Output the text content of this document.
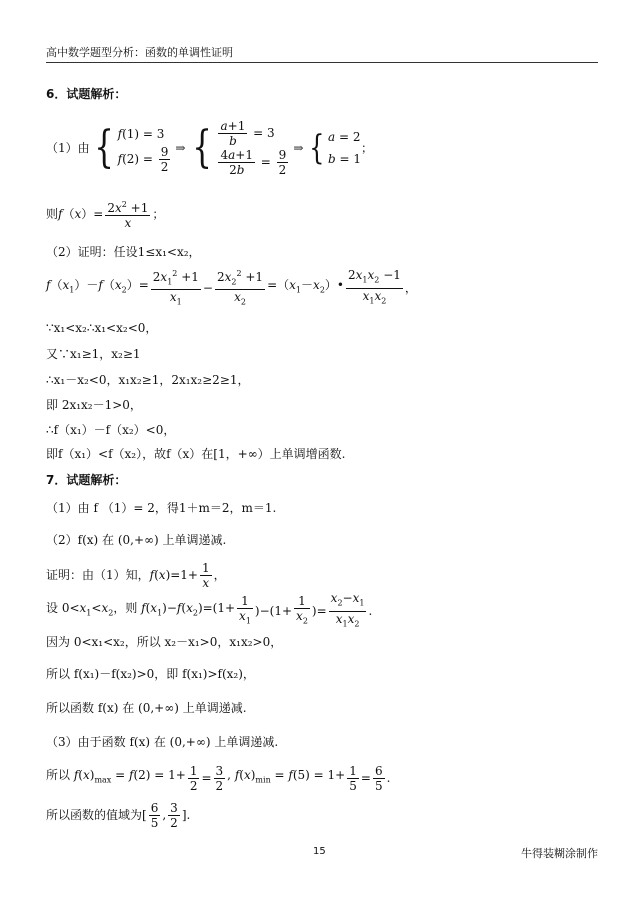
高中数学题型分析：函数的单调性证明
6．试题解析：
（1）由 { f(1) = 3
$f(2) = \frac{9}{2}$ ⇒ { $\frac{a+1}{b} = 3$
$\frac{4a+1}{2b} = \frac{9}{2}$ ⇒ { a = 2
b = 1
；
则 $f(x)= \frac{2x^2 +1}{x}$ ；
（2）证明：任设1≤x₁<x₂，
$f(x_1)-f(x_2)= \frac{2x_1^2 +1}{x_1} - \frac{2x_2^2 +1}{x_2}$ $=(x_1-x_2)•$
$2x_1x_2 -1$
$x_1x_2$
，
∵x₁<x₂∴x₁<x₂<0，
又∵x₁≥1，x₂≥1
∴x₁－x₂<0，x₁x₂≥1，2x₁x₂≥2≥1，
即 2x₁x₂－1>0，
∴f（x₁）－f（x₂）<0，
即f（x₁）<f（x₂），故f（x）在[1，+∞）上单调增函数.
7．试题解析：
（1）由 f （1）= 2，得1＋m＝2，m＝1.
（2）f(x) 在 (0,+∞) 上单调递减.
证明：由（1）知， $f(x)=1+ \frac{1}{x}$ ，
设 $0<x_1<x_2$，则 $f(x_1)-f(x_2)=(1+ \frac{1}{x_1} )-(1+ \frac{1}{x_2}$ )= $\frac{x_2-x_1}{x_1x_2}$ .
因为 0<x₁<x₂，所以 x₂－x₁>0，x₁x₂>0，
所以 f(x₁)－f(x₂)>0，即 f(x₁)>f(x₂)，
所以函数 f(x) 在 (0,+∞) 上单调递减.
（3）由于函数 f(x) 在 (0,+∞) 上单调递减.
所以 $f(x)_{max} = f(2) = 1+ \frac{1}{2} = \frac{3}{2}$ , $f(x)_{min} = f(5) = 1+ \frac{1}{5} = \frac{6}{5}$ .
所以函数的值域为 [
6
5
,
3
2
].
15	牛得装糊涂制作
